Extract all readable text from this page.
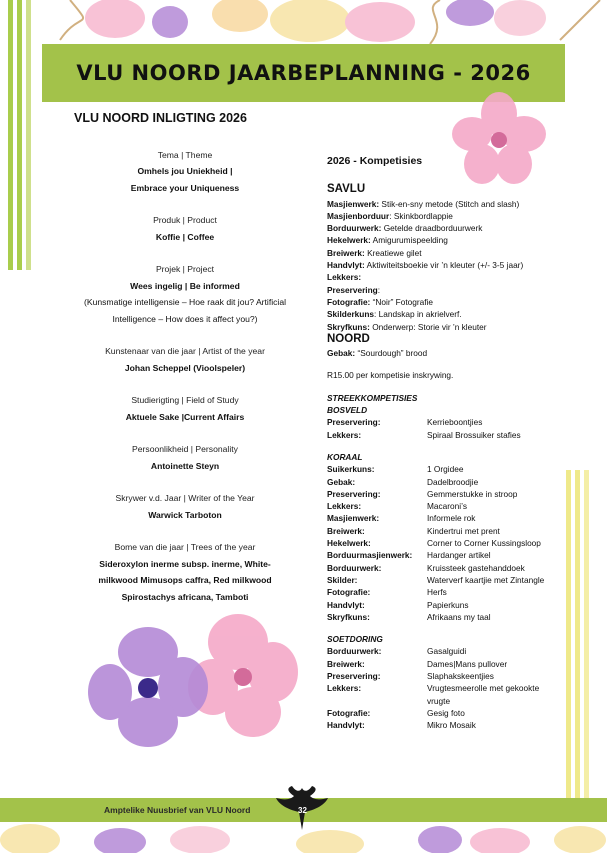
VLU NOORD JAARBEPLANNING - 2026
VLU NOORD INLIGTING 2026
Tema | Theme
Omhels jou Uniekheid |
Embrace your Uniqueness
Produk | Product
Koffie | Coffee
Projek | Project
Wees ingelig | Be informed
(Kunsmatige intelligensie – Hoe raak dit jou? Artificial
Intelligence – How does it affect you?)
Kunstenaar van die jaar | Artist of the year
Johan Scheppel (Vioolspeler)
Studierigting | Field of Study
Aktuele Sake |Current Affairs
Persoonlikheid | Personality
Antoinette Steyn
Skrywer v.d. Jaar | Writer of the Year
Warwick Tarboton
Bome van die jaar | Trees of the year
Sideroxylon inerme subsp. inerme, White-
milkwood Mimusops caffra, Red milkwood
Spirostachys africana, Tamboti
2026 - Kompetisies
SAVLU
Masjienwerk: Stik-en-sny metode (Stitch and slash)
Masjienborduur: Skinkbordlappie
Borduurwerk: Getelde draadborduurwerk
Hekelwerk: Amigurumispeelding
Breiwerk: Kreatiewe gilet
Handvlyt: Aktiwiteitsboekie vir ’n kleuter (+/- 3-5 jaar)
Lekkers:
Preservering:
Fotografie: “Noir” Fotografie
Skilderkuns: Landskap in akrielverf.
Skryfkuns: Onderwerp: Storie vir ’n kleuter
NOORD
Gebak: “Sourdough” brood
R15.00 per kompetisie inskrywing.
STREEKKOMPETISIES
BOSVELD
Preservering:	Kerrieboontjies
Lekkers:	Spiraal Brossuiker stafies
KORAAL
Suikerkuns:	1 Orgidee
Gebak:	Dadelbroodjie
Preservering:	Gemmerstukke in stroop
Lekkers:	Macaroni’s
Masjienwerk:	Informele rok
Breiwerk:	Kindertrui met prent
Hekelwerk:	Corner to Corner Kussingsloop
Borduurmasjienwerk:	Hardanger artikel
Borduurwerk:	Kruissteek gastehanddoek
Skilder:	Waterverf kaartjie met Zintangle
Fotografie:	Herfs
Handvlyt:	Papierkuns
Skryfkuns:	Afrikaans my taal
SOETDORING
Borduurwerk:	Gasalguidi
Breiwerk:	Dames|Mans pullover
Preservering:	Slaphakskeentjies
Lekkers:	Vrugtesmeerolle met gekookte vrugte
Fotografie:	Gesig foto
Handvlyt:	Mikro Mosaik
Amptelike Nuusbrief van VLU Noord	32
